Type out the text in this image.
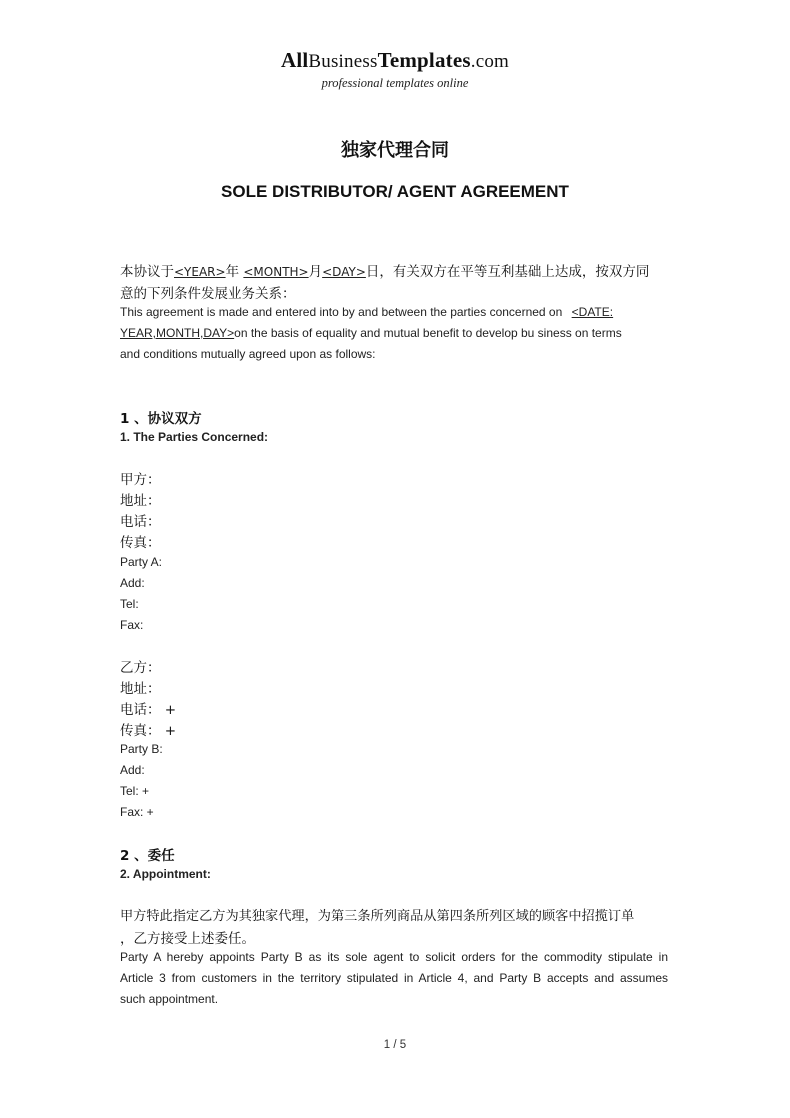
AllBusinessTemplates.com
professional templates online
独家代理合同
SOLE DISTRIBUTOR/ AGENT AGREEMENT
本协议于<YEAR>年 <MONTH>月<DAY>日，有关双方在平等互利基础上达成，按双方同
意的下列条件发展业务关系：
This agreement is made and entered into by and between the parties concerned on <DATE:
YEAR,MONTH,DAY>on the basis of equality and mutual benefit to develop bu siness on terms
and conditions mutually agreed upon as follows:
1 、协议双方
1. The Parties Concerned:
甲方：
地址：
电话：
传真：
Party A:
Add:
Tel:
Fax:
乙方：
地址：
电话： +
传真： +
Party B:
Add:
Tel: +
Fax: +
2 、委任
2. Appointment:
甲方特此指定乙方为其独家代理，为第三条所列商品从第四条所列区域的顾客中招揽订单
，乙方接受上述委任。
Party A hereby appoints Party B as its sole agent to solicit orders for the commodity stipulate in
Article 3 from customers in the territory stipulated in Article 4, and Party B accepts and assumes
such appointment.
1 / 5
